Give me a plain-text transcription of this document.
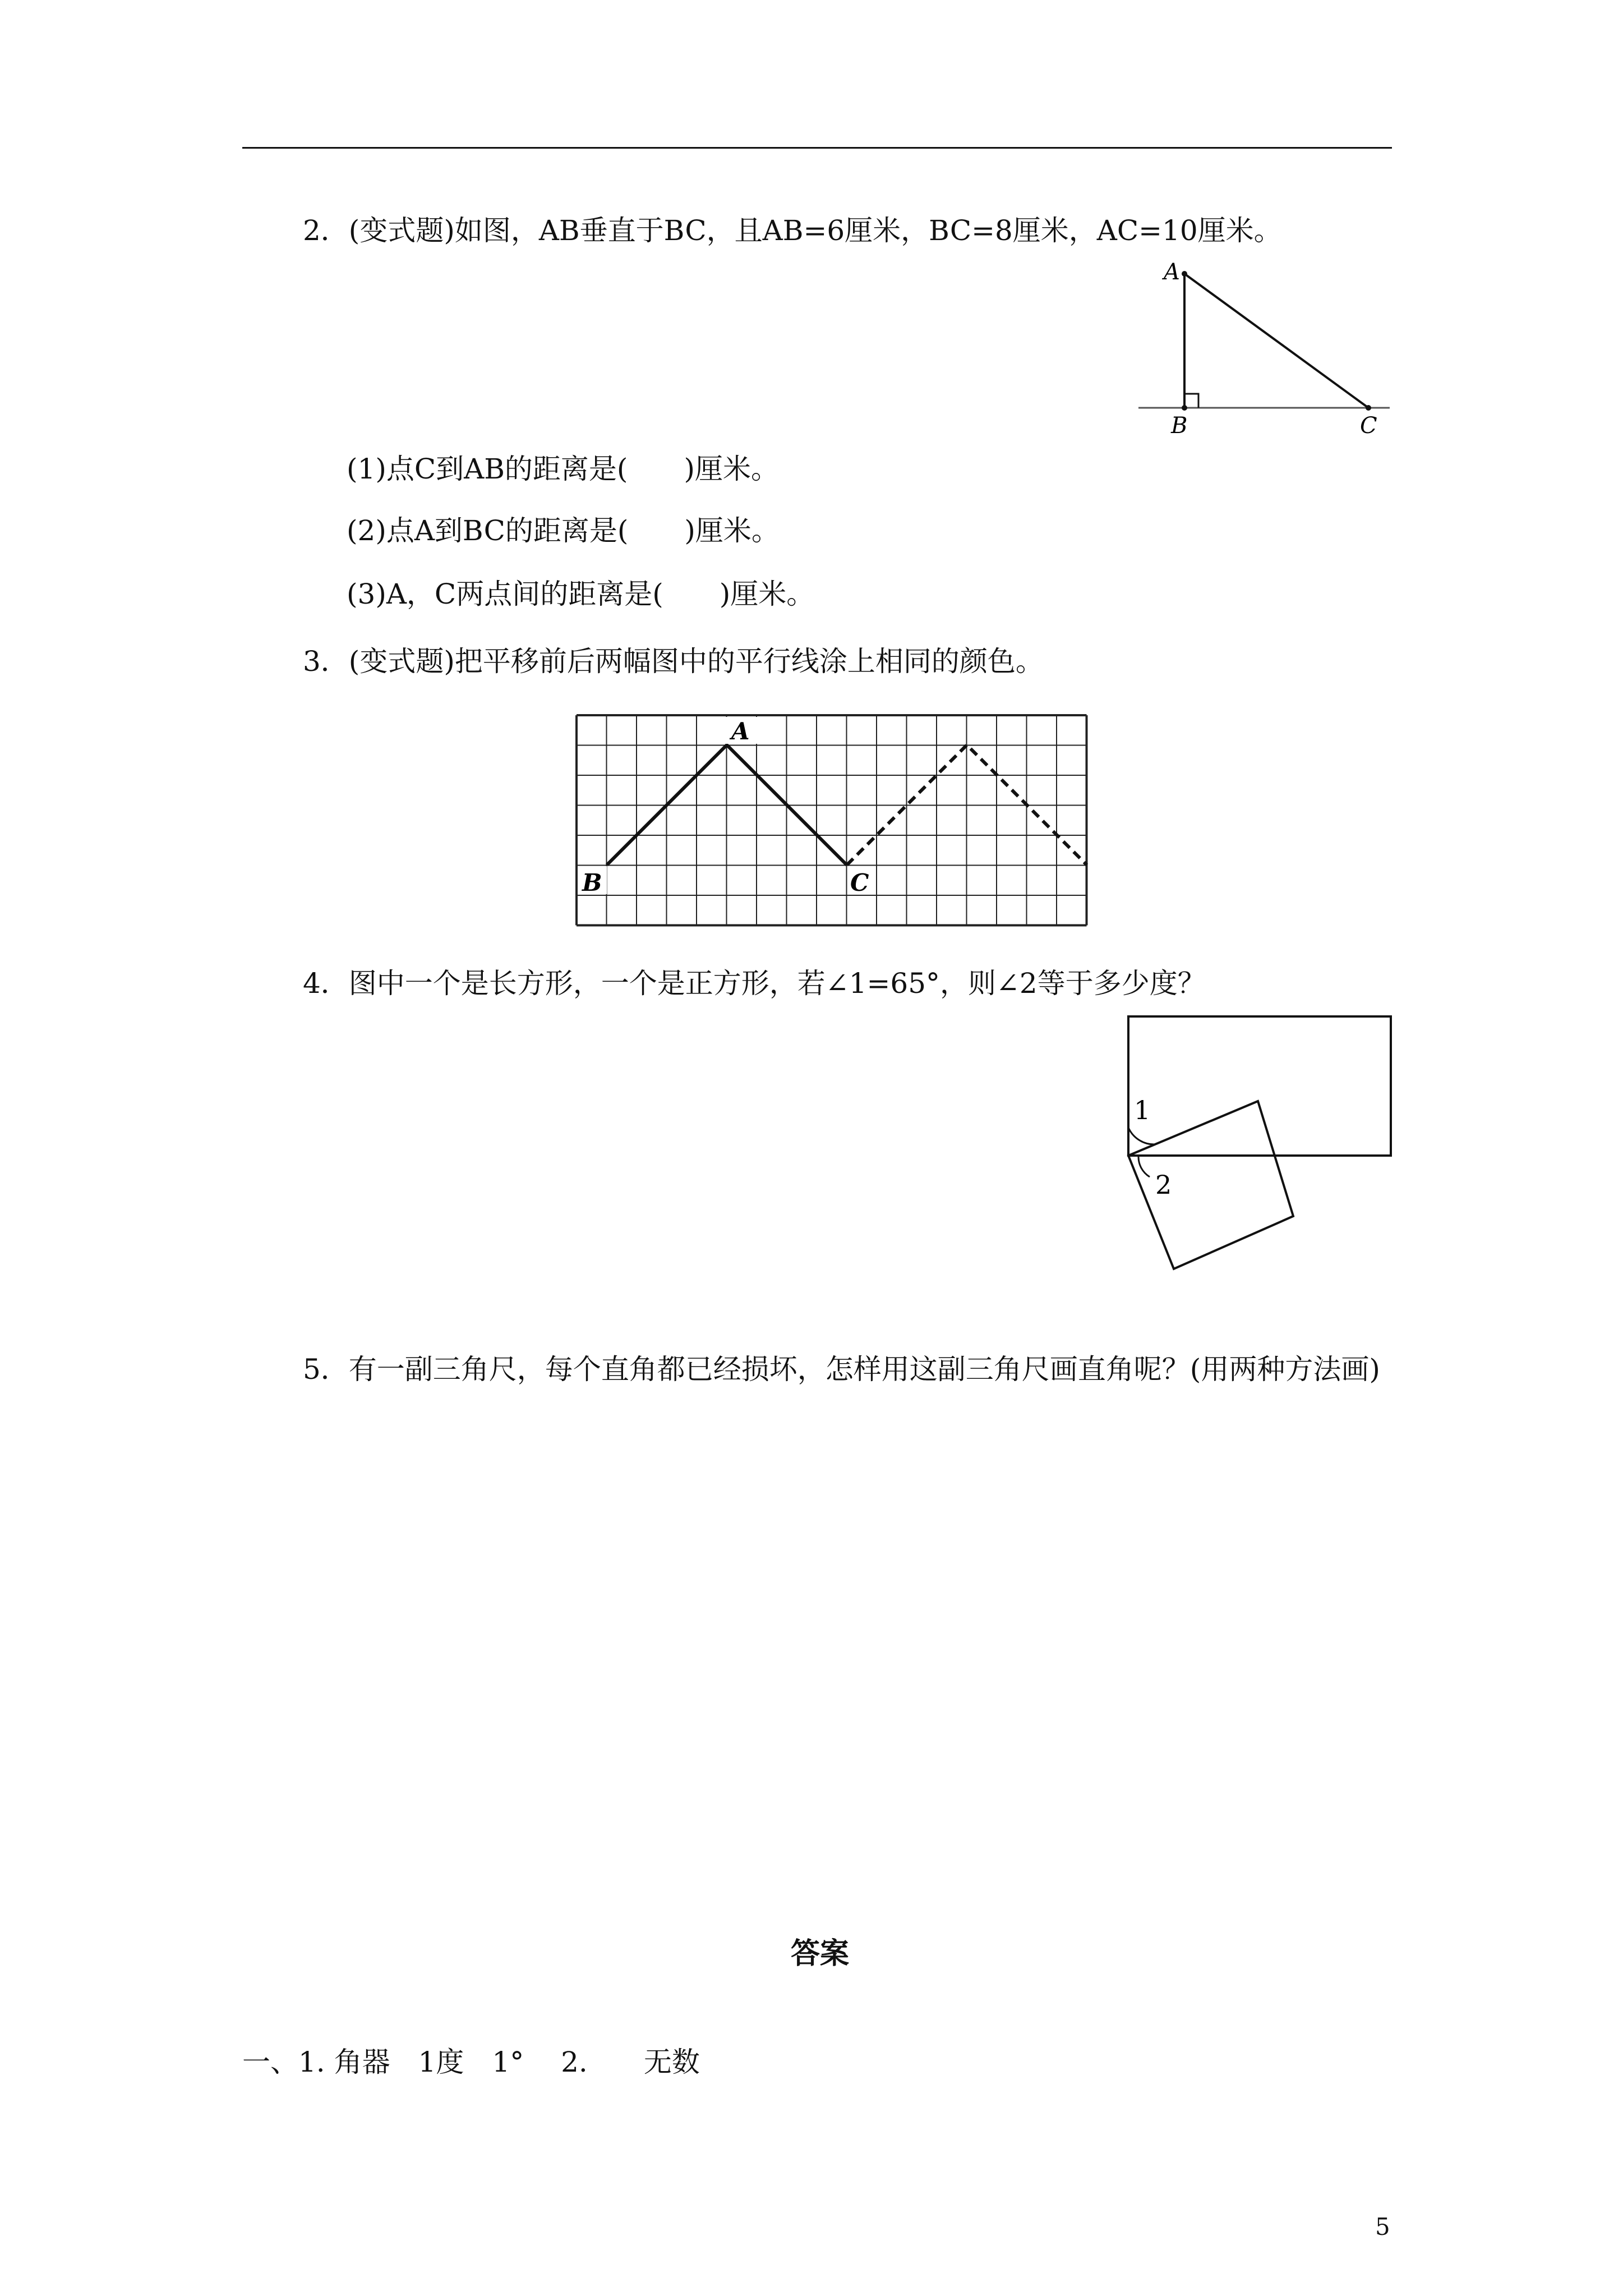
2．(变式题)如图，AB垂直于BC，且AB=6厘米，BC=8厘米，AC=10厘米。
A
B	C
(1)点C到AB的距离是(　　)厘米。
(2)点A到BC的距离是(　　)厘米。
(3)A，C两点间的距离是(　　)厘米。
3．(变式题)把平移前后两幅图中的平行线涂上相同的颜色。
A
B	C
4．图中一个是长方形，一个是正方形，若∠1=65°，则∠2等于多少度？
1
2
5．有一副三角尺，每个直角都已经损坏，怎样用这副三角尺画直角呢？(用两种方法画)
答案
一、1. 角器　1度　1°　 2.　　无数
5
